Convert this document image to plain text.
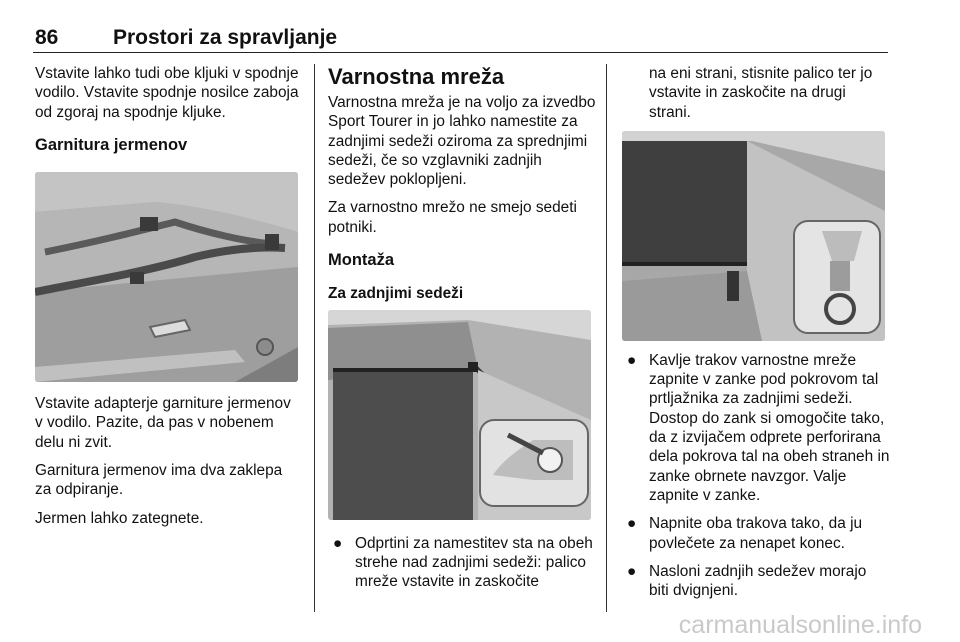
86	Prostori za spravljanje

Vstavite lahko tudi obe kljuki v spodnje vodilo. Vstavite spodnje nosilce zaboja od zgoraj na spodnje kljuke.

Garnitura jermenov

Vstavite adapterje garniture jermenov v vodilo. Pazite, da pas v nobenem delu ni zvit.

Garnitura jermenov ima dva zaklepa za odpiranje.

Jermen lahko zategnete.

Varnostna mreža

Varnostna mreža je na voljo za izvedbo Sport Tourer in jo lahko namestite za zadnjimi sedeži oziroma za sprednjimi sedeži, če so vzglavniki zadnjih sedežev poklopljeni.

Za varnostno mrežo ne smejo sedeti potniki.

Montaža
Za zadnjimi sedeži
● Odprtini za namestitev sta na obeh strehe nad zadnjimi sedeži: palico mreže vstavite in zaskočite

na eni strani, stisnite palico ter jo vstavite in zaskočite na drugi strani.

● Kavlje trakov varnostne mreže zapnite v zanke pod pokrovom tal prtljažnika za zadnjimi sedeži. Dostop do zank si omogočite tako, da z izvijačem odprete perforirana dela pokrova tal na obeh straneh in zanke obrnete navzgor. Valje zapnite v zanke.
● Napnite oba trakova tako, da ju povlečete za nenapet konec.
● Nasloni zadnjih sedežev morajo biti dvignjeni.
carmanualsonline.info
